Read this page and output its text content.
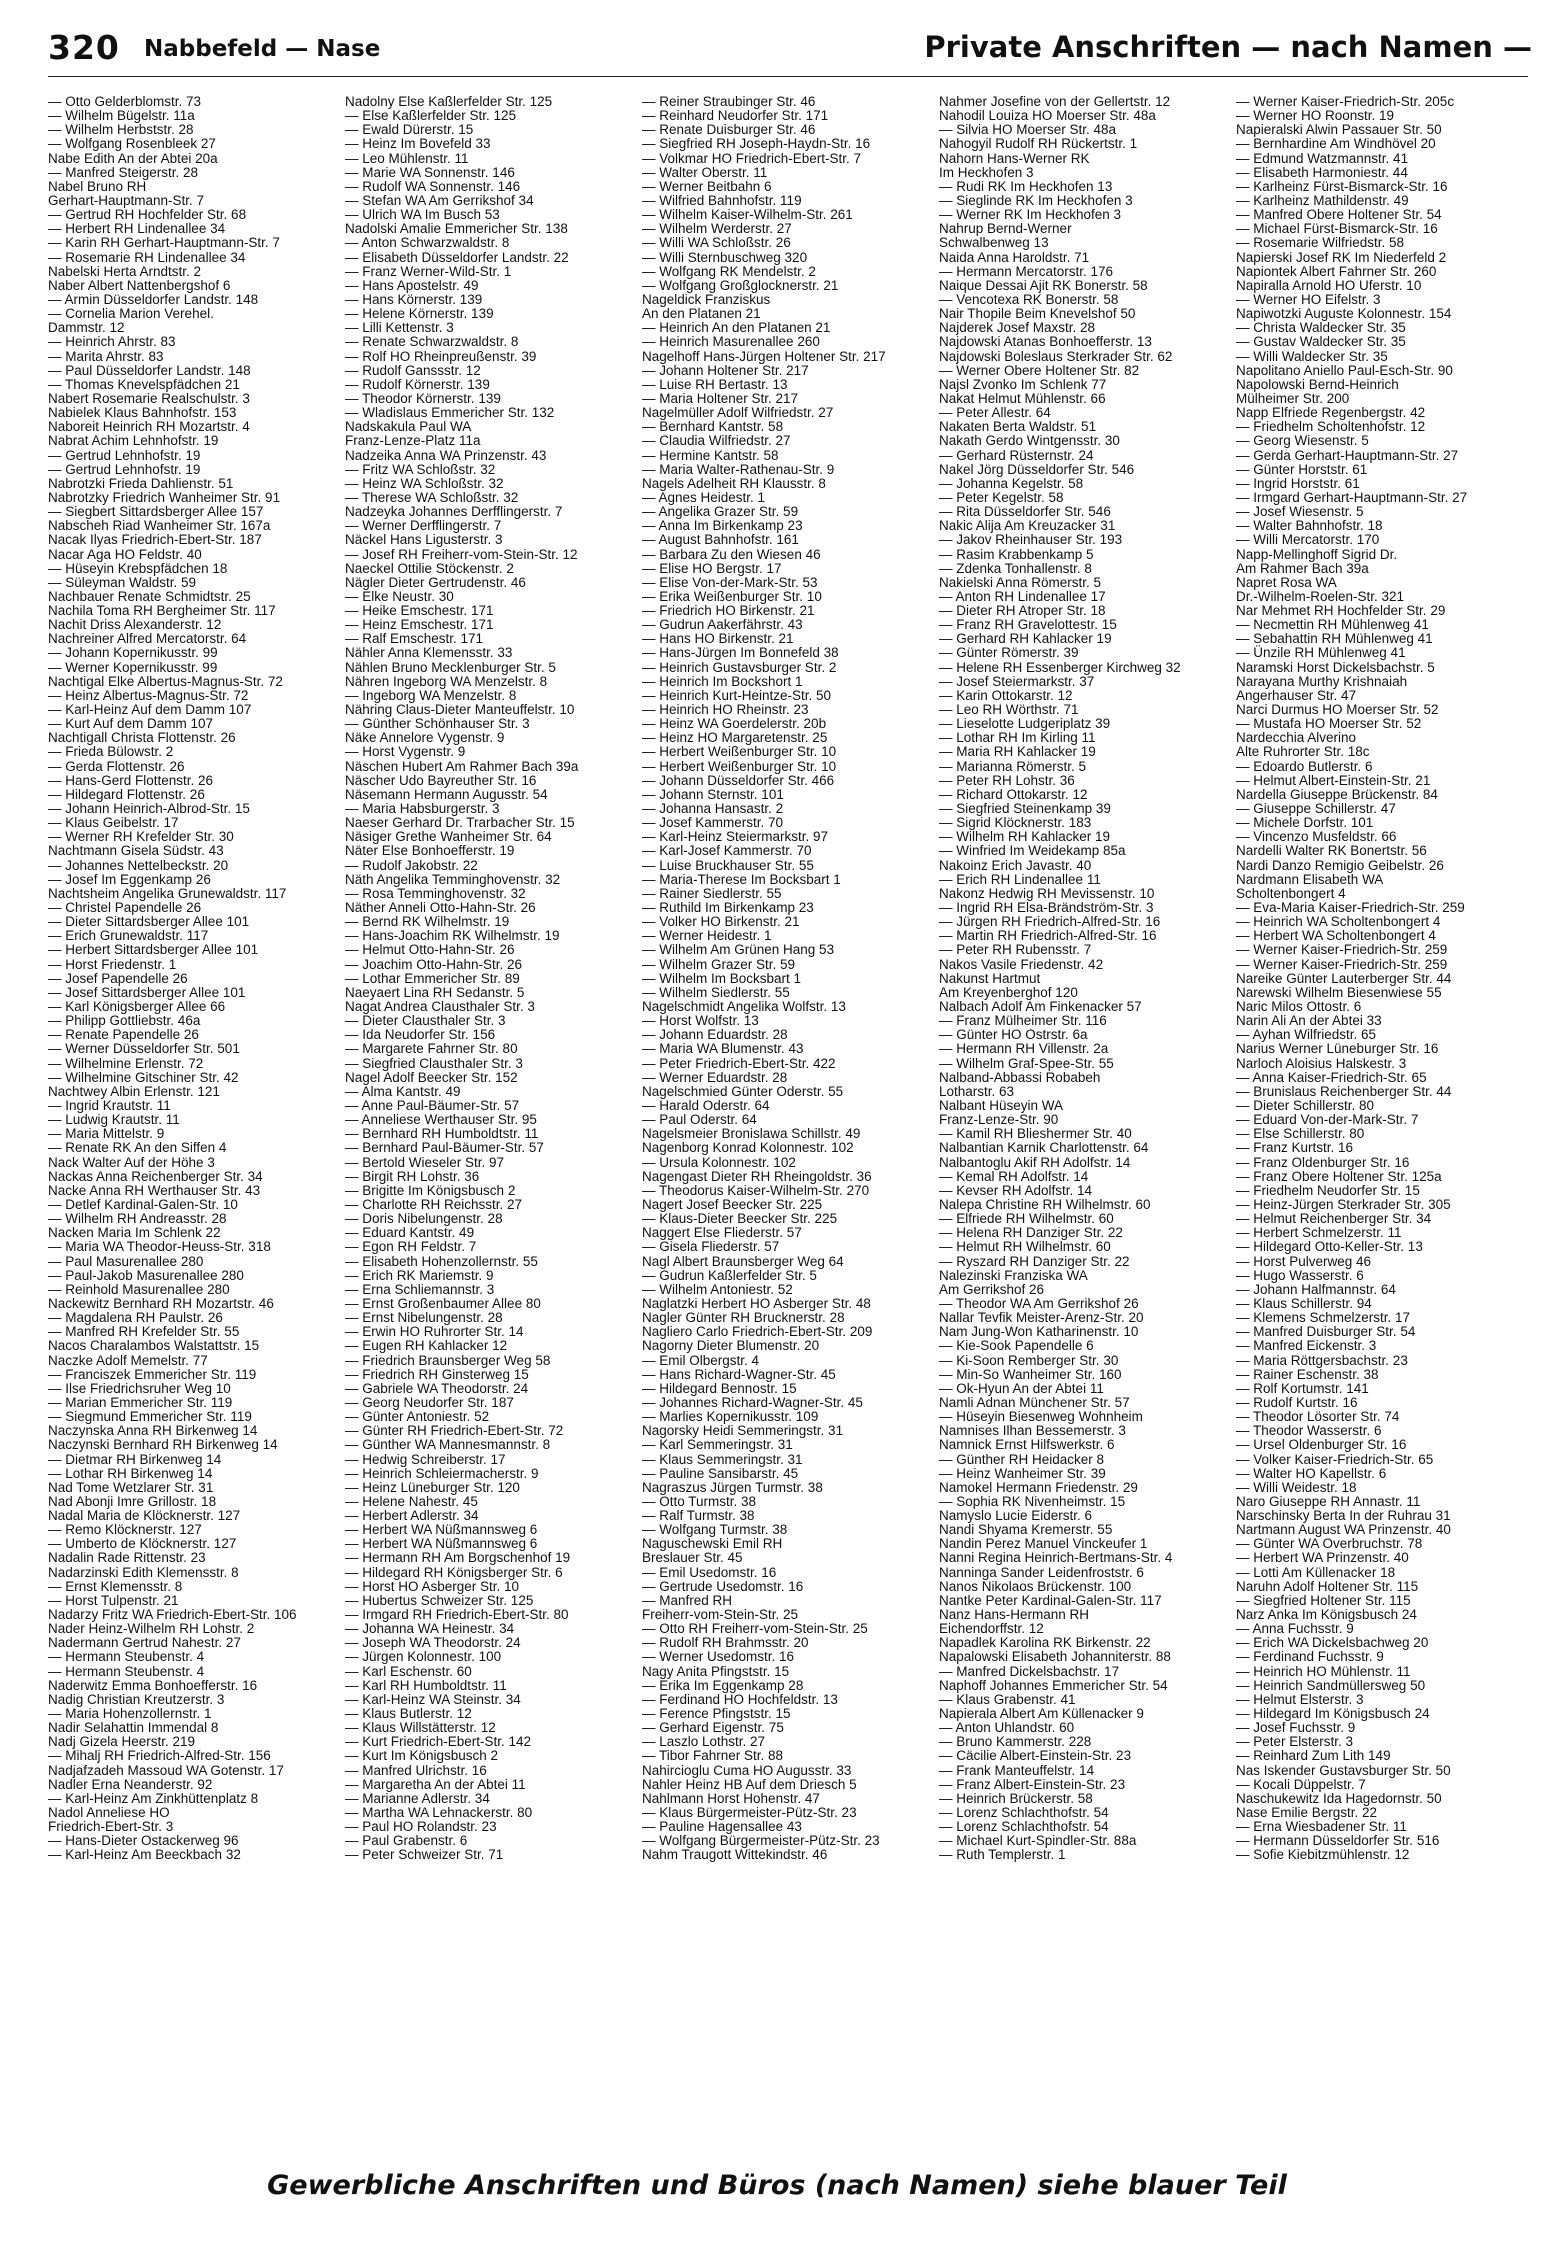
320 Nabbefeld — Nase	Private Anschriften — nach Namen —
— Otto Gelderblomstr. 73
— Wilhelm Bügelstr. 11a
— Wilhelm Herbststr. 28
— Wolfgang Rosenbleek 27
Nabe Edith An der Abtei 20a
— Manfred Steigerstr. 28
Nabel Bruno RH
Gerhart-Hauptmann-Str. 7
— Gertrud RH Hochfelder Str. 68
— Herbert RH Lindenallee 34
— Karin RH Gerhart-Hauptmann-Str. 7
— Rosemarie RH Lindenallee 34
Nabelski Herta Arndtstr. 2
Naber Albert Nattenbergshof 6
— Armin Düsseldorfer Landstr. 148
— Cornelia Marion Verehel.
Dammstr. 12
— Heinrich Ahrstr. 83
— Marita Ahrstr. 83
— Paul Düsseldorfer Landstr. 148
— Thomas Knevelspfädchen 21
Nabert Rosemarie Realschulstr. 3
Nabielek Klaus Bahnhofstr. 153
Naboreit Heinrich RH Mozartstr. 4
Nabrat Achim Lehnhofstr. 19
— Gertrud Lehnhofstr. 19
— Gertrud Lehnhofstr. 19
Nabrotzki Frieda Dahlienstr. 51
Nabrotzky Friedrich Wanheimer Str. 91
— Siegbert Sittardsberger Allee 157
Nabscheh Riad Wanheimer Str. 167a
Nacak Ilyas Friedrich-Ebert-Str. 187
Nacar Aga HO Feldstr. 40
— Hüseyin Krebspfädchen 18
— Süleyman Waldstr. 59
Nachbauer Renate Schmidtstr. 25
Nachila Toma RH Bergheimer Str. 117
Nachit Driss Alexanderstr. 12
Nachreiner Alfred Mercatorstr. 64
— Johann Kopernikusstr. 99
— Werner Kopernikusstr. 99
Nachtigal Elke Albertus-Magnus-Str. 72
— Heinz Albertus-Magnus-Str. 72
— Karl-Heinz Auf dem Damm 107
— Kurt Auf dem Damm 107
Nachtigall Christa Flottenstr. 26
— Frieda Bülowstr. 2
— Gerda Flottenstr. 26
— Hans-Gerd Flottenstr. 26
— Hildegard Flottenstr. 26
— Johann Heinrich-Albrod-Str. 15
— Klaus Geibelstr. 17
— Werner RH Krefelder Str. 30
Nachtmann Gisela Südstr. 43
— Johannes Nettelbeckstr. 20
— Josef Im Eggenkamp 26
Nachtsheim Angelika Grunewaldstr. 117
— Christel Papendelle 26
— Dieter Sittardsberger Allee 101
— Erich Grunewaldstr. 117
— Herbert Sittardsberger Allee 101
— Horst Friedenstr. 1
— Josef Papendelle 26
— Josef Sittardsberger Allee 101
— Karl Königsberger Allee 66
— Philipp Gottliebstr. 46a
— Renate Papendelle 26
— Werner Düsseldorfer Str. 501
— Wilhelmine Erlenstr. 72
— Wilhelmine Gitschiner Str. 42
Nachtwey Albin Erlenstr. 121
— Ingrid Krautstr. 11
— Ludwig Krautstr. 11
— Maria Mittelstr. 9
— Renate RK An den Siffen 4
Nack Walter Auf der Höhe 3
Nackas Anna Reichenberger Str. 34
Nacke Anna RH Werthauser Str. 43
— Detlef Kardinal-Galen-Str. 10
— Wilhelm RH Andreasstr. 28
Nacken Maria Im Schlenk 22
— Maria WA Theodor-Heuss-Str. 318
— Paul Masurenallee 280
— Paul-Jakob Masurenallee 280
— Reinhold Masurenallee 280
Nackewitz Bernhard RH Mozartstr. 46
— Magdalena RH Paulstr. 26
— Manfred RH Krefelder Str. 55
Nacos Charalambos Walstattstr. 15
Naczke Adolf Memelstr. 77
— Franciszek Emmericher Str. 119
— Ilse Friedrichsruher Weg 10
— Marian Emmericher Str. 119
— Siegmund Emmericher Str. 119
Naczynska Anna RH Birkenweg 14
Naczynski Bernhard RH Birkenweg 14
— Dietmar RH Birkenweg 14
— Lothar RH Birkenweg 14
Nad Tome Wetzlarer Str. 31
Nad Abonji Imre Grillostr. 18
Nadal Maria de Klöcknerstr. 127
— Remo Klöcknerstr. 127
— Umberto de Klöcknerstr. 127
Nadalin Rade Rittenstr. 23
Nadarzinski Edith Klemensstr. 8
— Ernst Klemensstr. 8
— Horst Tulpenstr. 21
Nadarzy Fritz WA Friedrich-Ebert-Str. 106
Nader Heinz-Wilhelm RH Lohstr. 2
Nadermann Gertrud Nahestr. 27
— Hermann Steubenstr. 4
— Hermann Steubenstr. 4
Naderwitz Emma Bonhoefferstr. 16
Nadig Christian Kreutzerstr. 3
— Maria Hohenzollernstr. 1
Nadir Selahattin Immendal 8
Nadj Gizela Heerstr. 219
— Mihalj RH Friedrich-Alfred-Str. 156
Nadjafzadeh Massoud WA Gotenstr. 17
Nadler Erna Neanderstr. 92
— Karl-Heinz Am Zinkhüttenplatz 8
Nadol Anneliese HO
Friedrich-Ebert-Str. 3
— Hans-Dieter Ostackerweg 96
— Karl-Heinz Am Beeckbach 32
Nadolny Else Kaßlerfelder Str. 125
— Else Kaßlerfelder Str. 125
— Ewald Dürerstr. 15
— Heinz Im Bovefeld 33
— Leo Mühlenstr. 11
— Marie WA Sonnenstr. 146
— Rudolf WA Sonnenstr. 146
— Stefan WA Am Gerrikshof 34
— Ulrich WA Im Busch 53
Nadolski Amalie Emmericher Str. 138
— Anton Schwarzwaldstr. 8
— Elisabeth Düsseldorfer Landstr. 22
— Franz Werner-Wild-Str. 1
— Hans Apostelstr. 49
— Hans Körnerstr. 139
— Helene Körnerstr. 139
— Lilli Kettenstr. 3
— Renate Schwarzwaldstr. 8
— Rolf HO Rheinpreußenstr. 39
— Rudolf Ganssstr. 12
— Rudolf Körnerstr. 139
— Theodor Körnerstr. 139
— Wladislaus Emmericher Str. 132
Nadskakula Paul WA
Franz-Lenze-Platz 11a
Nadzeika Anna WA Prinzenstr. 43
— Fritz WA Schloßstr. 32
— Heinz WA Schloßstr. 32
— Therese WA Schloßstr. 32
Nadzeyka Johannes Derfflingerstr. 7
— Werner Derfflingerstr. 7
Näckel Hans Ligusterstr. 3
— Josef RH Freiherr-vom-Stein-Str. 12
Naeckel Ottilie Stöckenstr. 2
Nägler Dieter Gertrudenstr. 46
— Elke Neustr. 30
— Heike Emschestr. 171
— Heinz Emschestr. 171
— Ralf Emschestr. 171
Nähler Anna Klemensstr. 33
Nählen Bruno Mecklenburger Str. 5
Nähren Ingeborg WA Menzelstr. 8
— Ingeborg WA Menzelstr. 8
Nähring Claus-Dieter Manteuffelstr. 10
— Günther Schönhauser Str. 3
Näke Annelore Vygenstr. 9
— Horst Vygenstr. 9
Näschen Hubert Am Rahmer Bach 39a
Näscher Udo Bayreuther Str. 16
Näsemann Hermann Augusstr. 54
— Maria Habsburgerstr. 3
Naeser Gerhard Dr. Trarbacher Str. 15
Näsiger Grethe Wanheimer Str. 64
Näter Else Bonhoefferstr. 19
— Rudolf Jakobstr. 22
Näth Angelika Temminghovenstr. 32
— Rosa Temminghovenstr. 32
Näther Anneli Otto-Hahn-Str. 26
— Bernd RK Wilhelmstr. 19
— Hans-Joachim RK Wilhelmstr. 19
— Helmut Otto-Hahn-Str. 26
— Joachim Otto-Hahn-Str. 26
— Lothar Emmericher Str. 89
Naeyaert Lina RH Sedanstr. 5
Nagat Andrea Clausthaler Str. 3
— Dieter Clausthaler Str. 3
— Ida Neudorfer Str. 156
— Margarete Fahrner Str. 80
— Siegfried Clausthaler Str. 3
Nagel Adolf Beecker Str. 152
— Alma Kantstr. 49
— Anne Paul-Bäumer-Str. 57
— Anneliese Werthauser Str. 95
— Bernhard RH Humboldtstr. 11
— Bernhard Paul-Bäumer-Str. 57
— Bertold Wieseler Str. 97
— Birgit RH Lohstr. 36
— Brigitte Im Königsbusch 2
— Charlotte RH Reichsstr. 27
— Doris Nibelungenstr. 28
— Eduard Kantstr. 49
— Egon RH Feldstr. 7
— Elisabeth Hohenzollernstr. 55
— Erich RK Mariemstr. 9
— Erna Schliemannstr. 3
— Ernst Großenbaumer Allee 80
— Ernst Nibelungenstr. 28
— Erwin HO Ruhrorter Str. 14
— Eugen RH Kahlacker 12
— Friedrich Braunsberger Weg 58
— Friedrich RH Ginsterweg 15
— Gabriele WA Theodorstr. 24
— Georg Neudorfer Str. 187
— Günter Antoniestr. 52
— Günter RH Friedrich-Ebert-Str. 72
— Günther WA Mannesmannstr. 8
— Hedwig Schreiberstr. 17
— Heinrich Schleiermacherstr. 9
— Heinz Lüneburger Str. 120
— Helene Nahestr. 45
— Herbert Adlerstr. 34
— Herbert WA Nüßmannsweg 6
— Herbert WA Nüßmannsweg 6
— Hermann RH Am Borgschenhof 19
— Hildegard RH Königsberger Str. 6
— Horst HO Asberger Str. 10
— Hubertus Schweizer Str. 125
— Irmgard RH Friedrich-Ebert-Str. 80
— Johanna WA Heinestr. 34
— Joseph WA Theodorstr. 24
— Jürgen Kolonnestr. 100
— Karl Eschenstr. 60
— Karl RH Humboldtstr. 11
— Karl-Heinz WA Steinstr. 34
— Klaus Butlerstr. 12
— Klaus Willstätterstr. 12
— Kurt Friedrich-Ebert-Str. 142
— Kurt Im Königsbusch 2
— Manfred Ulrichstr. 16
— Margaretha An der Abtei 11
— Marianne Adlerstr. 34
— Martha WA Lehnackerstr. 80
— Paul HO Rolandstr. 23
— Paul Grabenstr. 6
— Peter Schweizer Str. 71
— Reiner Straubinger Str. 46
— Reinhard Neudorfer Str. 171
— Renate Duisburger Str. 46
— Siegfried RH Joseph-Haydn-Str. 16
— Volkmar HO Friedrich-Ebert-Str. 7
— Walter Oberstr. 11
— Werner Beitbahn 6
— Wilfried Bahnhofstr. 119
— Wilhelm Kaiser-Wilhelm-Str. 261
— Wilhelm Werderstr. 27
— Willi WA Schloßstr. 26
— Willi Sternbuschweg 320
— Wolfgang RK Mendelstr. 2
— Wolfgang Großglocknerstr. 21
Nageldick Franziskus
An den Platanen 21
— Heinrich An den Platanen 21
— Heinrich Masurenallee 260
Nagelhoff Hans-Jürgen Holtener Str. 217
— Johann Holtener Str. 217
— Luise RH Bertastr. 13
— Maria Holtener Str. 217
Nagelmüller Adolf Wilfriedstr. 27
— Bernhard Kantstr. 58
— Claudia Wilfriedstr. 27
— Hermine Kantstr. 58
— Maria Walter-Rathenau-Str. 9
Nagels Adelheit RH Klausstr. 8
— Agnes Heidestr. 1
— Angelika Grazer Str. 59
— Anna Im Birkenkamp 23
— August Bahnhofstr. 161
— Barbara Zu den Wiesen 46
— Elise HO Bergstr. 17
— Elise Von-der-Mark-Str. 53
— Erika Weißenburger Str. 10
— Friedrich HO Birkenstr. 21
— Gudrun Aakerfährstr. 43
— Hans HO Birkenstr. 21
— Hans-Jürgen Im Bonnefeld 38
— Heinrich Gustavsburger Str. 2
— Heinrich Im Bockshort 1
— Heinrich Kurt-Heintze-Str. 50
— Heinrich HO Rheinstr. 23
— Heinz WA Goerdelerstr. 20b
— Heinz HO Margaretenstr. 25
— Herbert Weißenburger Str. 10
— Herbert Weißenburger Str. 10
— Johann Düsseldorfer Str. 466
— Johann Sternstr. 101
— Johanna Hansastr. 2
— Josef Kammerstr. 70
— Karl-Heinz Steiermarkstr. 97
— Karl-Josef Kammerstr. 70
— Luise Bruckhauser Str. 55
— Maria-Therese Im Bocksbart 1
— Rainer Siedlerstr. 55
— Ruthild Im Birkenkamp 23
— Volker HO Birkenstr. 21
— Werner Heidestr. 1
— Wilhelm Am Grünen Hang 53
— Wilhelm Grazer Str. 59
— Wilhelm Im Bocksbart 1
— Wilhelm Siedlerstr. 55
Nagelschmidt Angelika Wolfstr. 13
— Horst Wolfstr. 13
— Johann Eduardstr. 28
— Maria WA Blumenstr. 43
— Peter Friedrich-Ebert-Str. 422
— Werner Eduardstr. 28
Nagelschmied Günter Oderstr. 55
— Harald Oderstr. 64
— Paul Oderstr. 64
Nagelsmeier Bronislawa Schillstr. 49
Nagenborg Konrad Kolonnestr. 102
— Ursula Kolonnestr. 102
Nagengast Dieter RH Rheingoldstr. 36
— Theodorus Kaiser-Wilhelm-Str. 270
Nagert Josef Beecker Str. 225
— Klaus-Dieter Beecker Str. 225
Naggert Else Fliederstr. 57
— Gisela Fliederstr. 57
Nagl Albert Braunsberger Weg 64
— Gudrun Kaßlerfelder Str. 5
— Wilhelm Antoniestr. 52
Naglatzki Herbert HO Asberger Str. 48
Nagler Günter RH Brucknerstr. 28
Nagliero Carlo Friedrich-Ebert-Str. 209
Nagorny Dieter Blumenstr. 20
— Emil Olbergstr. 4
— Hans Richard-Wagner-Str. 45
— Hildegard Bennostr. 15
— Johannes Richard-Wagner-Str. 45
— Marlies Kopernikusstr. 109
Nagorsky Heidi Semmeringstr. 31
— Karl Semmeringstr. 31
— Klaus Semmeringstr. 31
— Pauline Sansibarstr. 45
Nagraszus Jürgen Turmstr. 38
— Otto Turmstr. 38
— Ralf Turmstr. 38
— Wolfgang Turmstr. 38
Naguschewski Emil RH
Breslauer Str. 45
— Emil Usedomstr. 16
— Gertrude Usedomstr. 16
— Manfred RH
Freiherr-vom-Stein-Str. 25
— Otto RH Freiherr-vom-Stein-Str. 25
— Rudolf RH Brahmsstr. 20
— Werner Usedomstr. 16
Nagy Anita Pfingststr. 15
— Erika Im Eggenkamp 28
— Ferdinand HO Hochfeldstr. 13
— Ference Pfingststr. 15
— Gerhard Eigenstr. 75
— Laszlo Lothstr. 27
— Tibor Fahrner Str. 88
Nahircioglu Cuma HO Augusstr. 33
Nahler Heinz HB Auf dem Driesch 5
Nahlmann Horst Hohenstr. 47
— Klaus Bürgermeister-Pütz-Str. 23
— Pauline Hagensallee 43
— Wolfgang Bürgermeister-Pütz-Str. 23
Nahm Traugott Wittekindstr. 46
Nahmer Josefine von der Gellertstr. 12
Nahodil Louiza HO Moerser Str. 48a
— Silvia HO Moerser Str. 48a
Nahogyil Rudolf RH Rückertstr. 1
Nahorn Hans-Werner RK
Im Heckhofen 3
— Rudi RK Im Heckhofen 13
— Sieglinde RK Im Heckhofen 3
— Werner RK Im Heckhofen 3
Nahrup Bernd-Werner
Schwalbenweg 13
Naida Anna Haroldstr. 71
— Hermann Mercatorstr. 176
Naique Dessai Ajit RK Bonerstr. 58
— Vencotexa RK Bonerstr. 58
Nair Thopile Beim Knevelshof 50
Najderek Josef Maxstr. 28
Najdowski Atanas Bonhoefferstr. 13
Najdowski Boleslaus Sterkrader Str. 62
— Werner Obere Holtener Str. 82
Najsl Zvonko Im Schlenk 77
Nakat Helmut Mühlenstr. 66
— Peter Allestr. 64
Nakaten Berta Waldstr. 51
Nakath Gerdo Wintgensstr. 30
— Gerhard Rüsternstr. 24
Nakel Jörg Düsseldorfer Str. 546
— Johanna Kegelstr. 58
— Peter Kegelstr. 58
— Rita Düsseldorfer Str. 546
Nakic Alija Am Kreuzacker 31
— Jakov Rheinhauser Str. 193
— Rasim Krabbenkamp 5
— Zdenka Tonhallenstr. 8
Nakielski Anna Römerstr. 5
— Anton RH Lindenallee 17
— Dieter RH Atroper Str. 18
— Franz RH Gravelottestr. 15
— Gerhard RH Kahlacker 19
— Günter Römerstr. 39
— Helene RH Essenberger Kirchweg 32
— Josef Steiermarkstr. 37
— Karin Ottokarstr. 12
— Leo RH Wörthstr. 71
— Lieselotte Ludgeriplatz 39
— Lothar RH Im Kirling 11
— Maria RH Kahlacker 19
— Marianna Römerstr. 5
— Peter RH Lohstr. 36
— Richard Ottokarstr. 12
— Siegfried Steinenkamp 39
— Sigrid Klöcknerstr. 183
— Wilhelm RH Kahlacker 19
— Winfried Im Weidekamp 85a
Nakoinz Erich Javastr. 40
— Erich RH Lindenallee 11
Nakonz Hedwig RH Mevissenstr. 10
— Ingrid RH Elsa-Brändström-Str. 3
— Jürgen RH Friedrich-Alfred-Str. 16
— Martin RH Friedrich-Alfred-Str. 16
— Peter RH Rubensstr. 7
Nakos Vasile Friedenstr. 42
Nakunst Hartmut
Am Kreyenberghof 120
Nalbach Adolf Am Finkenacker 57
— Franz Mülheimer Str. 116
— Günter HO Ostrstr. 6a
— Hermann RH Villenstr. 2a
— Wilhelm Graf-Spee-Str. 55
Nalband-Abbassi Robabeh
Lotharstr. 63
Nalbant Hüseyin WA
Franz-Lenze-Str. 90
— Kamil RH Blieshermer Str. 40
Nalbantian Karnik Charlottenstr. 64
Nalbantoglu Akif RH Adolfstr. 14
— Kemal RH Adolfstr. 14
— Kevser RH Adolfstr. 14
Nalepa Christine RH Wilhelmstr. 60
— Elfriede RH Wilhelmstr. 60
— Helena RH Danziger Str. 22
— Helmut RH Wilhelmstr. 60
— Ryszard RH Danziger Str. 22
Nalezinski Franziska WA
Am Gerrikshof 26
— Theodor WA Am Gerrikshof 26
Nallar Tevfik Meister-Arenz-Str. 20
Nam Jung-Won Katharinenstr. 10
— Kie-Sook Papendelle 6
— Ki-Soon Remberger Str. 30
— Min-So Wanheimer Str. 160
— Ok-Hyun An der Abtei 11
Namli Adnan Münchener Str. 57
— Hüseyin Biesenweg Wohnheim
Namnises Ilhan Bessemerstr. 3
Namnick Ernst Hilfswerkstr. 6
— Günther RH Heidacker 8
— Heinz Wanheimer Str. 39
Namokel Hermann Friedenstr. 29
— Sophia RK Nivenheimstr. 15
Namyslo Lucie Eiderstr. 6
Nandi Shyama Kremerstr. 55
Nandin Perez Manuel Vinckeufer 1
Nanni Regina Heinrich-Bertmans-Str. 4
Nanninga Sander Leidenfroststr. 6
Nanos Nikolaos Brückenstr. 100
Nantke Peter Kardinal-Galen-Str. 117
Nanz Hans-Hermann RH
Eichendorffstr. 12
Napadlek Karolina RK Birkenstr. 22
Napalowski Elisabeth Johanniterstr. 88
— Manfred Dickelsbachstr. 17
Naphoff Johannes Emmericher Str. 54
— Klaus Grabenstr. 41
Napierala Albert Am Küllenacker 9
— Anton Uhlandstr. 60
— Bruno Kammerstr. 228
— Cäcilie Albert-Einstein-Str. 23
— Frank Manteuffelstr. 14
— Franz Albert-Einstein-Str. 23
— Heinrich Brückerstr. 58
— Lorenz Schlachthofstr. 54
— Lorenz Schlachthofstr. 54
— Michael Kurt-Spindler-Str. 88a
— Ruth Templerstr. 1
— Werner Kaiser-Friedrich-Str. 205c
— Werner HO Roonstr. 19
Napieralski Alwin Passauer Str. 50
— Bernhardine Am Windhövel 20
— Edmund Watzmannstr. 41
— Elisabeth Harmoniestr. 44
— Karlheinz Fürst-Bismarck-Str. 16
— Karlheinz Mathildenstr. 49
— Manfred Obere Holtener Str. 54
— Michael Fürst-Bismarck-Str. 16
— Rosemarie Wilfriedstr. 58
Napierski Josef RK Im Niederfeld 2
Napiontek Albert Fahrner Str. 260
Napiralla Arnold HO Uferstr. 10
— Werner HO Eifelstr. 3
Napiwotzki Auguste Kolonnestr. 154
— Christa Waldecker Str. 35
— Gustav Waldecker Str. 35
— Willi Waldecker Str. 35
Napolitano Aniello Paul-Esch-Str. 90
Napolowski Bernd-Heinrich
Mülheimer Str. 200
Napp Elfriede Regenbergstr. 42
— Friedhelm Scholtenhofstr. 12
— Georg Wiesenstr. 5
— Gerda Gerhart-Hauptmann-Str. 27
— Günter Horststr. 61
— Ingrid Horststr. 61
— Irmgard Gerhart-Hauptmann-Str. 27
— Josef Wiesenstr. 5
— Walter Bahnhofstr. 18
— Willi Mercatorstr. 170
Napp-Mellinghoff Sigrid Dr.
Am Rahmer Bach 39a
Napret Rosa WA
Dr.-Wilhelm-Roelen-Str. 321
Nar Mehmet RH Hochfelder Str. 29
— Necmettin RH Mühlenweg 41
— Sebahattin RH Mühlenweg 41
— Ünzile RH Mühlenweg 41
Naramski Horst Dickelsbachstr. 5
Narayana Murthy Krishnaiah
Angerhauser Str. 47
Narci Durmus HO Moerser Str. 52
— Mustafa HO Moerser Str. 52
Nardecchia Alverino
Alte Ruhrorter Str. 18c
— Edoardo Butlerstr. 6
— Helmut Albert-Einstein-Str. 21
Nardella Giuseppe Brückenstr. 84
— Giuseppe Schillerstr. 47
— Michele Dorfstr. 101
— Vincenzo Musfeldstr. 66
Nardelli Walter RK Bonertstr. 56
Nardi Danzo Remigio Geibelstr. 26
Nardmann Elisabeth WA
Scholtenbongert 4
— Eva-Maria Kaiser-Friedrich-Str. 259
— Heinrich WA Scholtenbongert 4
— Herbert WA Scholtenbongert 4
— Werner Kaiser-Friedrich-Str. 259
— Werner Kaiser-Friedrich-Str. 259
Nareike Günter Lauterberger Str. 44
Narewski Wilhelm Biesenwiese 55
Naric Milos Ottostr. 6
Narin Ali An der Abtei 33
— Ayhan Wilfriedstr. 65
Narius Werner Lüneburger Str. 16
Narloch Aloisius Halskestr. 3
— Anna Kaiser-Friedrich-Str. 65
— Brunislaus Reichenberger Str. 44
— Dieter Schillerstr. 80
— Eduard Von-der-Mark-Str. 7
— Else Schillerstr. 80
— Franz Kurtstr. 16
— Franz Oldenburger Str. 16
— Franz Obere Holtener Str. 125a
— Friedhelm Neudorfer Str. 15
— Heinz-Jürgen Sterkrader Str. 305
— Helmut Reichenberger Str. 34
— Herbert Schmelzerstr. 11
— Hildegard Otto-Keller-Str. 13
— Horst Pulverweg 46
— Hugo Wasserstr. 6
— Johann Halfmannstr. 64
— Klaus Schillerstr. 94
— Klemens Schmelzerstr. 17
— Manfred Duisburger Str. 54
— Manfred Eickenstr. 3
— Maria Röttgersbachstr. 23
— Rainer Eschenstr. 38
— Rolf Kortumstr. 141
— Rudolf Kurtstr. 16
— Theodor Lösorter Str. 74
— Theodor Wasserstr. 6
— Ursel Oldenburger Str. 16
— Volker Kaiser-Friedrich-Str. 65
— Walter HO Kapellstr. 6
— Willi Weidestr. 18
Naro Giuseppe RH Annastr. 11
Narschinsky Berta In der Ruhrau 31
Nartmann August WA Prinzenstr. 40
— Günter WA Overbruchstr. 78
— Herbert WA Prinzenstr. 40
— Lotti Am Küllenacker 18
Naruhn Adolf Holtener Str. 115
— Siegfried Holtener Str. 115
Narz Anka Im Königsbusch 24
— Anna Fuchsstr. 9
— Erich WA Dickelsbachweg 20
— Ferdinand Fuchsstr. 9
— Heinrich HO Mühlenstr. 11
— Heinrich Sandmüllersweg 50
— Helmut Elsterstr. 3
— Hildegard Im Königsbusch 24
— Josef Fuchsstr. 9
— Peter Elsterstr. 3
— Reinhard Zum Lith 149
Nas Iskender Gustavsburger Str. 50
— Kocali Düppelstr. 7
Naschukewitz Ida Hagedornstr. 50
Nase Emilie Bergstr. 22
— Erna Wiesbadener Str. 11
— Hermann Düsseldorfer Str. 516
— Sofie Kiebitzmühlenstr. 12
Gewerbliche Anschriften und Büros (nach Namen) siehe blauer Teil
